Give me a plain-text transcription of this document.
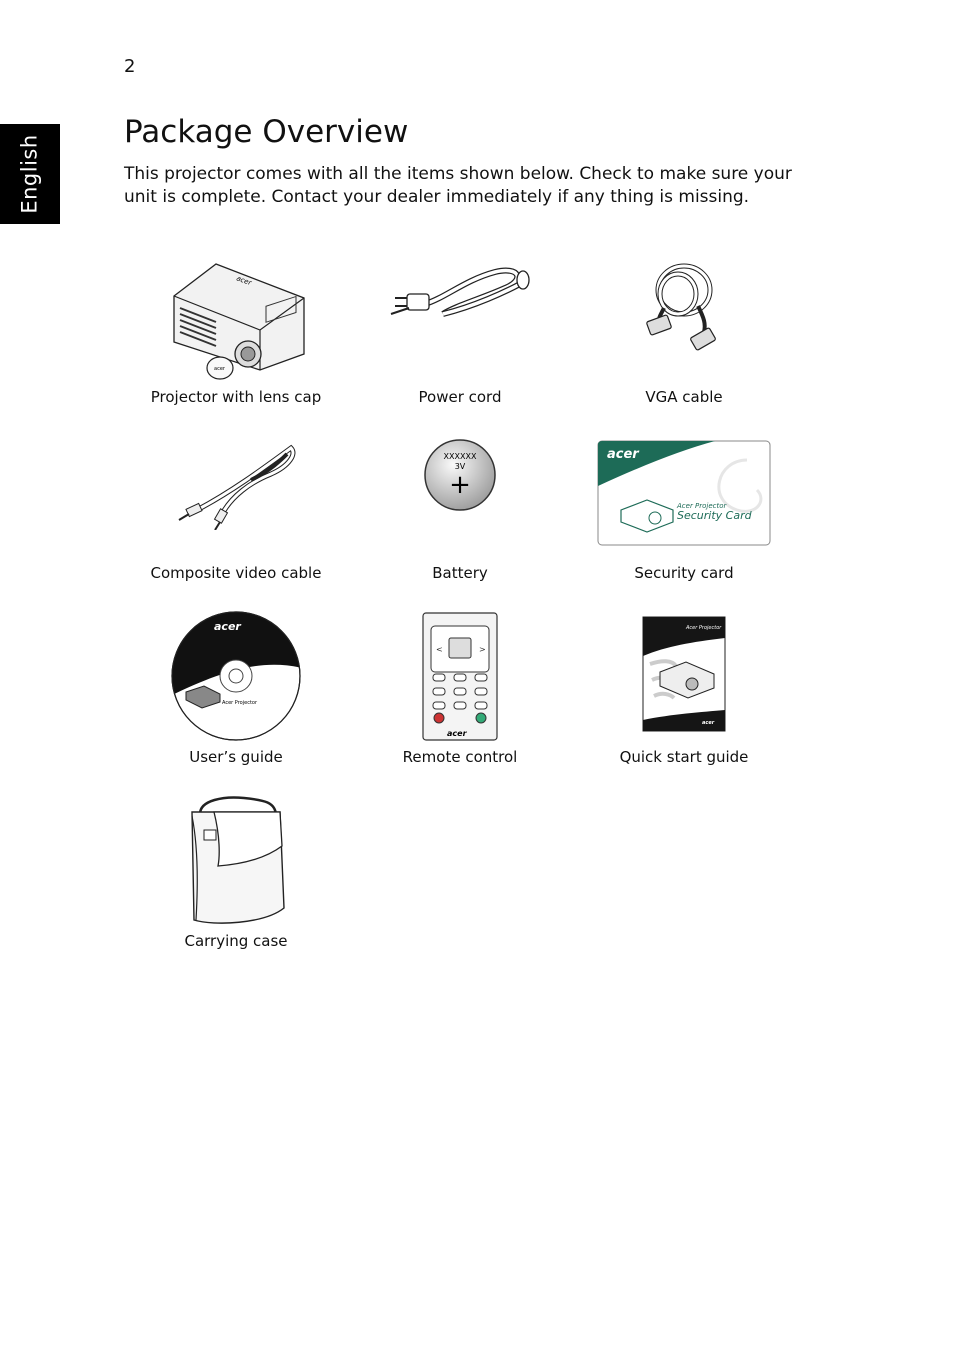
2
English
Package Overview

This projector comes with all the items shown below. Check to make sure your unit is complete. Contact your dealer immediately if any thing is missing.

acer
acer
Projector with lens cap	Power cord	VGA cable
Composite video cable
XXXXXX
3V
+
Battery
acer
Acer Projector
Security Card
Security card
acer
Acer Projector
User’s guide
<	>
acer
Remote control
Acer Projector
acer
Quick start guide
Carrying case
